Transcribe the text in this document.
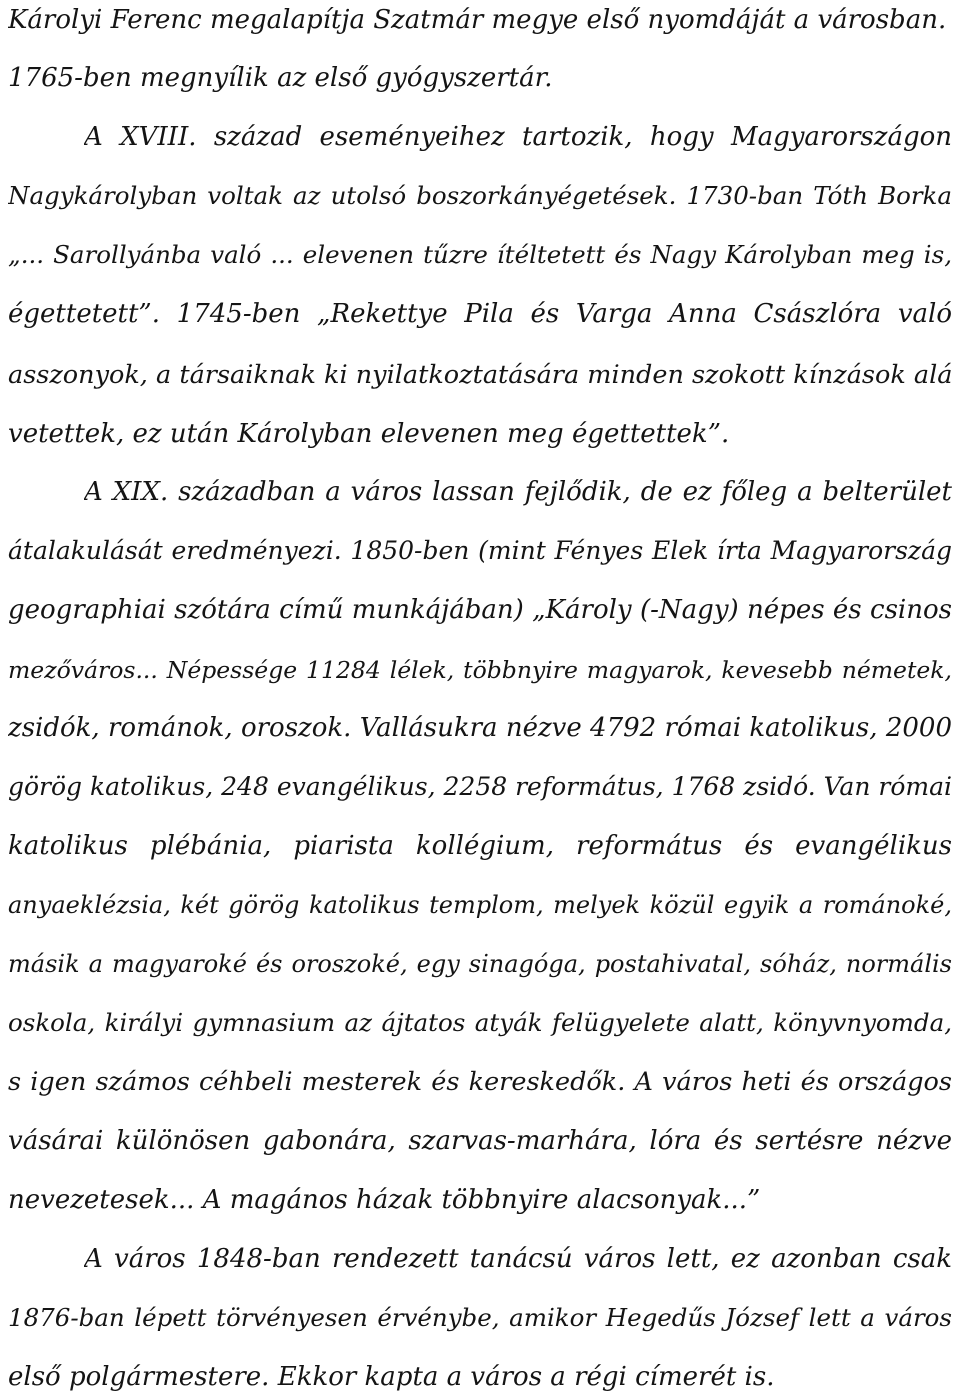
Károlyi Ferenc megalapítja Szatmár megye első nyomdáját a városban.
1765-ben megnyílik az első gyógyszertár.
A XVIII. század eseményeihez tartozik, hogy Magyarországon
Nagykárolyban voltak az utolsó boszorkányégetések. 1730-ban Tóth Borka
„... Sarollyánba való ... elevenen tűzre ítéltetett és Nagy Károlyban meg is,
égettetett”. 1745-ben „Rekettye Pila és Varga Anna Császlóra való
asszonyok, a társaiknak ki nyilatkoztatására minden szokott kínzások alá
vetettek, ez után Károlyban elevenen meg égettettek”.
A XIX. században a város lassan fejlődik, de ez főleg a belterület
átalakulását eredményezi. 1850-ben (mint Fényes Elek írta Magyarország
geographiai szótára című munkájában) „Károly (-Nagy) népes és csinos
mezőváros... Népessége 11284 lélek, többnyire magyarok, kevesebb németek,
zsidók, románok, oroszok. Vallásukra nézve 4792 római katolikus, 2000
görög katolikus, 248 evangélikus, 2258 református, 1768 zsidó. Van római
katolikus plébánia, piarista kollégium, református és evangélikus
anyaeklézsia, két görög katolikus templom, melyek közül egyik a románoké,
másik a magyaroké és oroszoké, egy sinagóga, postahivatal, sóház, normális
oskola, királyi gymnasium az ájtatos atyák felügyelete alatt, könyvnyomda,
s igen számos céhbeli mesterek és kereskedők. A város heti és országos
vásárai különösen gabonára, szarvas-marhára, lóra és sertésre nézve
nevezetesek... A magános házak többnyire alacsonyak...”
A város 1848-ban rendezett tanácsú város lett, ez azonban csak
1876-ban lépett törvényesen érvénybe, amikor Hegedűs József lett a város
első polgármestere. Ekkor kapta a város a régi címerét is.
